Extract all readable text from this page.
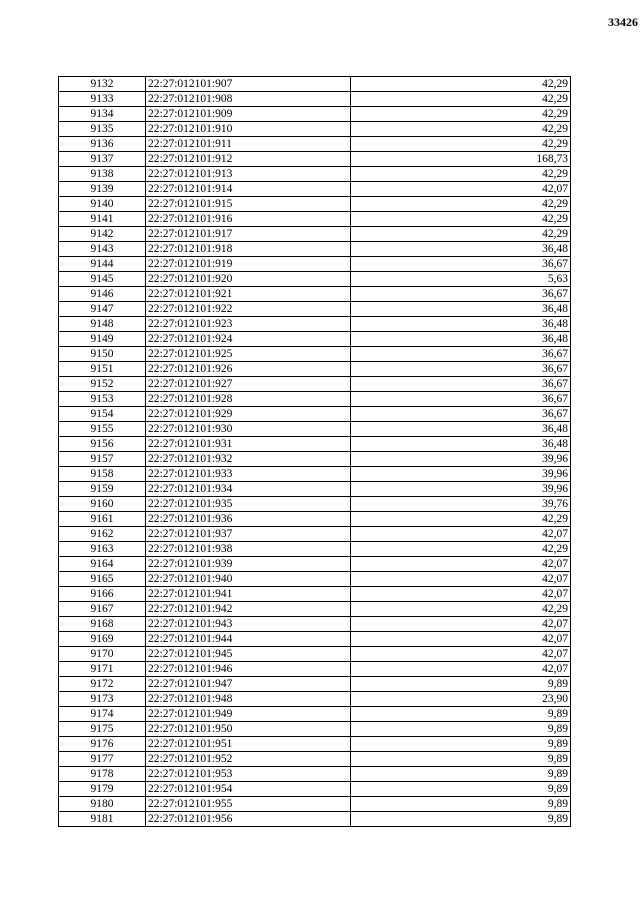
33426
9132	22:27:012101:907	42,29
9133	22:27:012101:908	42,29
9134	22:27:012101:909	42,29
9135	22:27:012101:910	42,29
9136	22:27:012101:911	42,29
9137	22:27:012101:912	168,73
9138	22:27:012101:913	42,29
9139	22:27:012101:914	42,07
9140	22:27:012101:915	42,29
9141	22:27:012101:916	42,29
9142	22:27:012101:917	42,29
9143	22:27:012101:918	36,48
9144	22:27:012101:919	36,67
9145	22:27:012101:920	5,63
9146	22:27:012101:921	36,67
9147	22:27:012101:922	36,48
9148	22:27:012101:923	36,48
9149	22:27:012101:924	36,48
9150	22:27:012101:925	36,67
9151	22:27:012101:926	36,67
9152	22:27:012101:927	36,67
9153	22:27:012101:928	36,67
9154	22:27:012101:929	36,67
9155	22:27:012101:930	36,48
9156	22:27:012101:931	36,48
9157	22:27:012101:932	39,96
9158	22:27:012101:933	39,96
9159	22:27:012101:934	39,96
9160	22:27:012101:935	39,76
9161	22:27:012101:936	42,29
9162	22:27:012101:937	42,07
9163	22:27:012101:938	42,29
9164	22:27:012101:939	42,07
9165	22:27:012101:940	42,07
9166	22:27:012101:941	42,07
9167	22:27:012101:942	42,29
9168	22:27:012101:943	42,07
9169	22:27:012101:944	42,07
9170	22:27:012101:945	42,07
9171	22:27:012101:946	42,07
9172	22:27:012101:947	9,89
9173	22:27:012101:948	23,90
9174	22:27:012101:949	9,89
9175	22:27:012101:950	9,89
9176	22:27:012101:951	9,89
9177	22:27:012101:952	9,89
9178	22:27:012101:953	9,89
9179	22:27:012101:954	9,89
9180	22:27:012101:955	9,89
9181	22:27:012101:956	9,89
